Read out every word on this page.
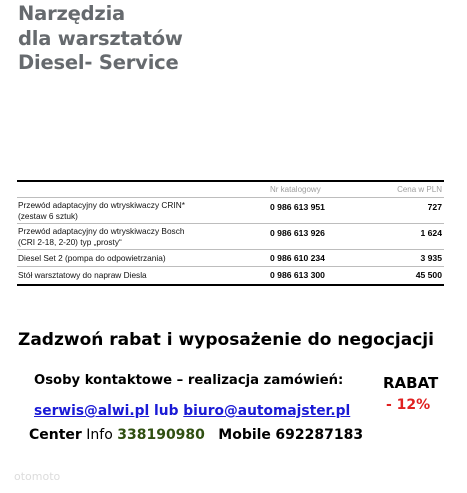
Narzędzia
dla warsztatów
Diesel- Service
Nr katalogowy	Cena w PLN
Przewód adaptacyjny do wtryskiwaczy CRIN*
(zestaw 6 sztuk)
0 986 613 951	727
Przewód adaptacyjny do wtryskiwaczy Bosch
(CRI 2-18, 2-20) typ „prosty“
0 986 613 926	1 624
Diesel Set 2 (pompa do odpowietrzania)	0 986 610 234	3 935
Stół warsztatowy do napraw Diesla	0 986 613 300	45 500
Zadzwoń rabat i wyposażenie do negocjacji
Osoby kontaktowe – realizacja zamówień:	RABAT
- 12%
serwis@alwi.pl lub biuro@automajster.pl
Center Info 338190980 Mobile 692287183
otomoto
